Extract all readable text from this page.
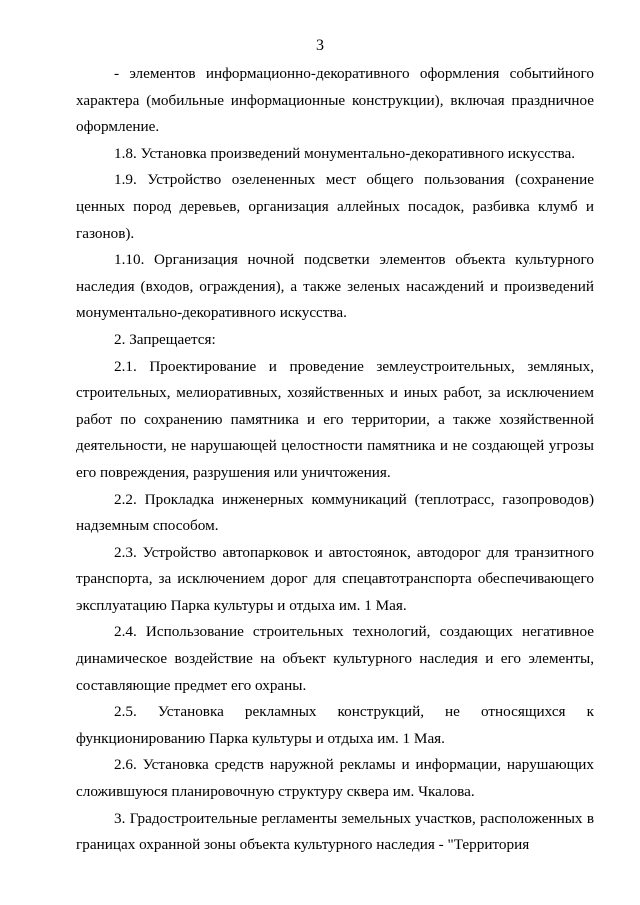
3

- элементов информационно-декоративного оформления событийного характера (мобильные информационные конструкции), включая праздничное оформление.

1.8. Установка произведений монументально-декоративного искусства.

1.9. Устройство озелененных мест общего пользования (сохранение ценных пород деревьев, организация аллейных посадок, разбивка клумб и газонов).

1.10. Организация ночной подсветки элементов объекта культурного наследия (входов, ограждения), а также зеленых насаждений и произведений монументально-декоративного искусства.

2. Запрещается:

2.1. Проектирование и проведение землеустроительных, земляных, строительных, мелиоративных, хозяйственных и иных работ, за исключением работ по сохранению памятника и его территории, а также хозяйственной деятельности, не нарушающей целостности памятника и не создающей угрозы его повреждения, разрушения или уничтожения.

2.2. Прокладка инженерных коммуникаций (теплотрасс, газопроводов) надземным способом.

2.3. Устройство автопарковок и автостоянок, автодорог для транзитного транспорта, за исключением дорог для спецавтотранспорта обеспечивающего эксплуатацию Парка культуры и отдыха им. 1 Мая.

2.4. Использование строительных технологий, создающих негативное динамическое воздействие на объект культурного наследия и его элементы, составляющие предмет его охраны.

2.5. Установка рекламных конструкций, не относящихся к функционированию Парка культуры и отдыха им. 1 Мая.

2.6. Установка средств наружной рекламы и информации, нарушающих сложившуюся планировочную структуру сквера им. Чкалова.

3. Градостроительные регламенты земельных участков, расположенных в границах охранной зоны объекта культурного наследия - "Территория
